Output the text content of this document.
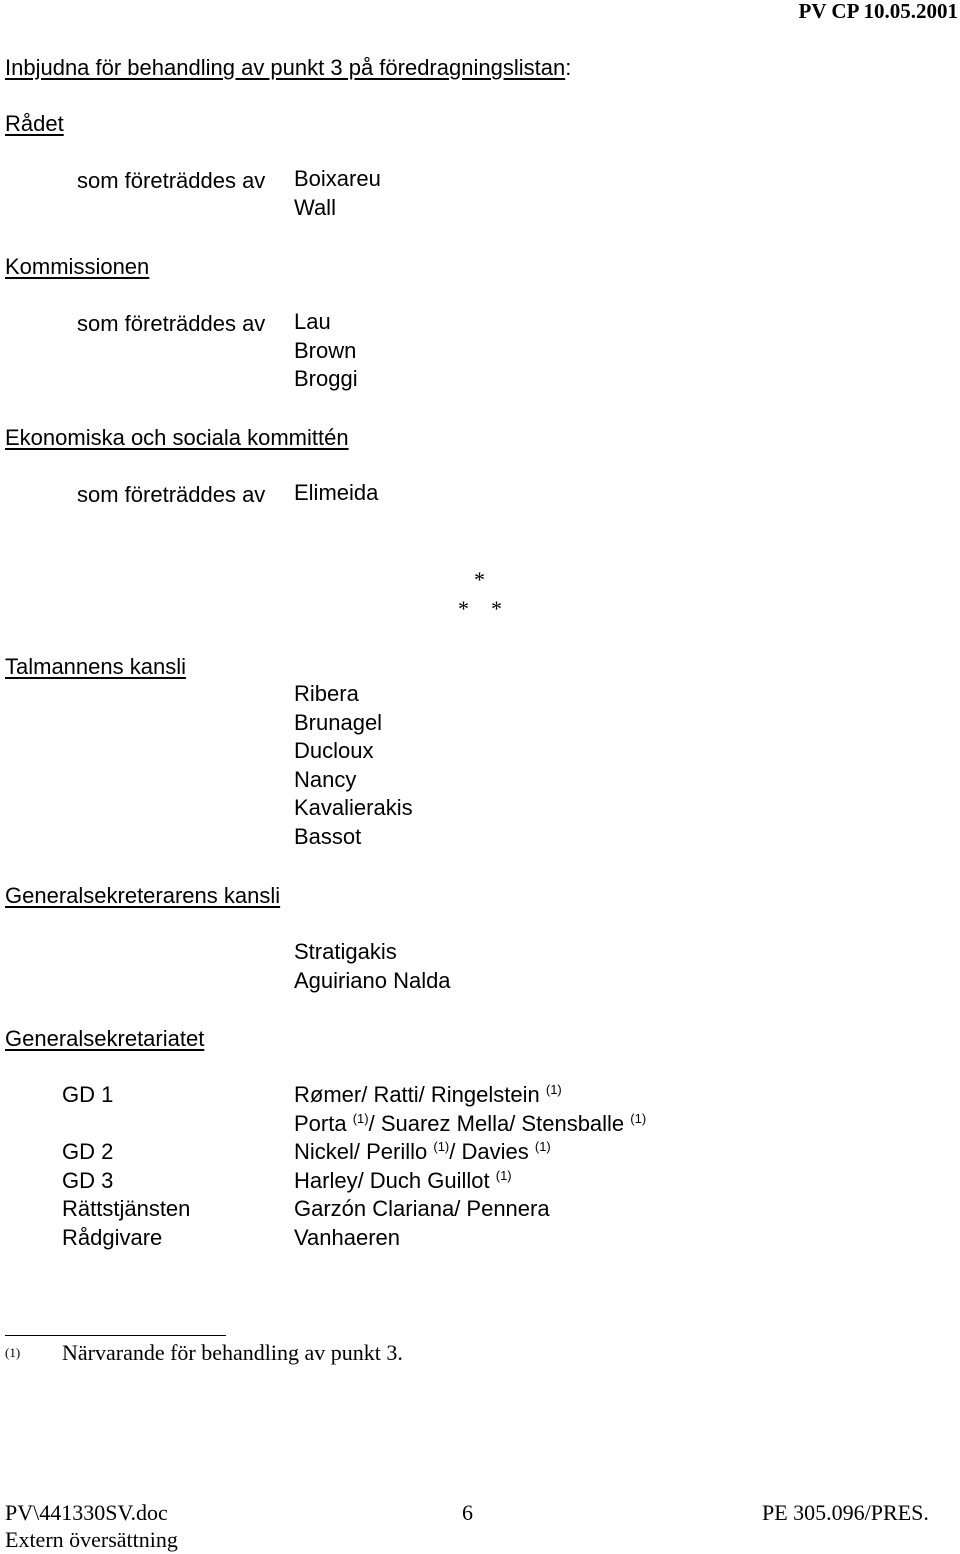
PV CP 10.05.2001
Inbjudna för behandling av punkt 3 på föredragningslistan:
Rådet
som företräddes av Boixareu
Wall
Kommissionen
som företräddes av Lau
Brown
Broggi
Ekonomiska och sociala kommittén
som företräddes av Elimeida
*
*    *
Talmannens kansli
Ribera
Brunagel
Ducloux
Nancy
Kavalierakis
Bassot
Generalsekreterarens kansli
Stratigakis
Aguiriano Nalda
Generalsekretariatet
GD 1
GD 2
GD 3
Rättstjänsten
Rådgivare
Rømer/ Ratti/ Ringelstein $^{(1)}$
Porta $^{(1)}$/ Suarez Mella/ Stensballe $^{(1)}$
Nickel/ Perillo $^{(1)}$/ Davies $^{(1)}$
Harley/ Duch Guillot $^{(1)}$
Garzón Clariana/ Pennera
Vanhaeren
(1) Närvarande för behandling av punkt 3.
PV\441330SV.doc	6	PE 305.096/PRES.
Extern översättning
